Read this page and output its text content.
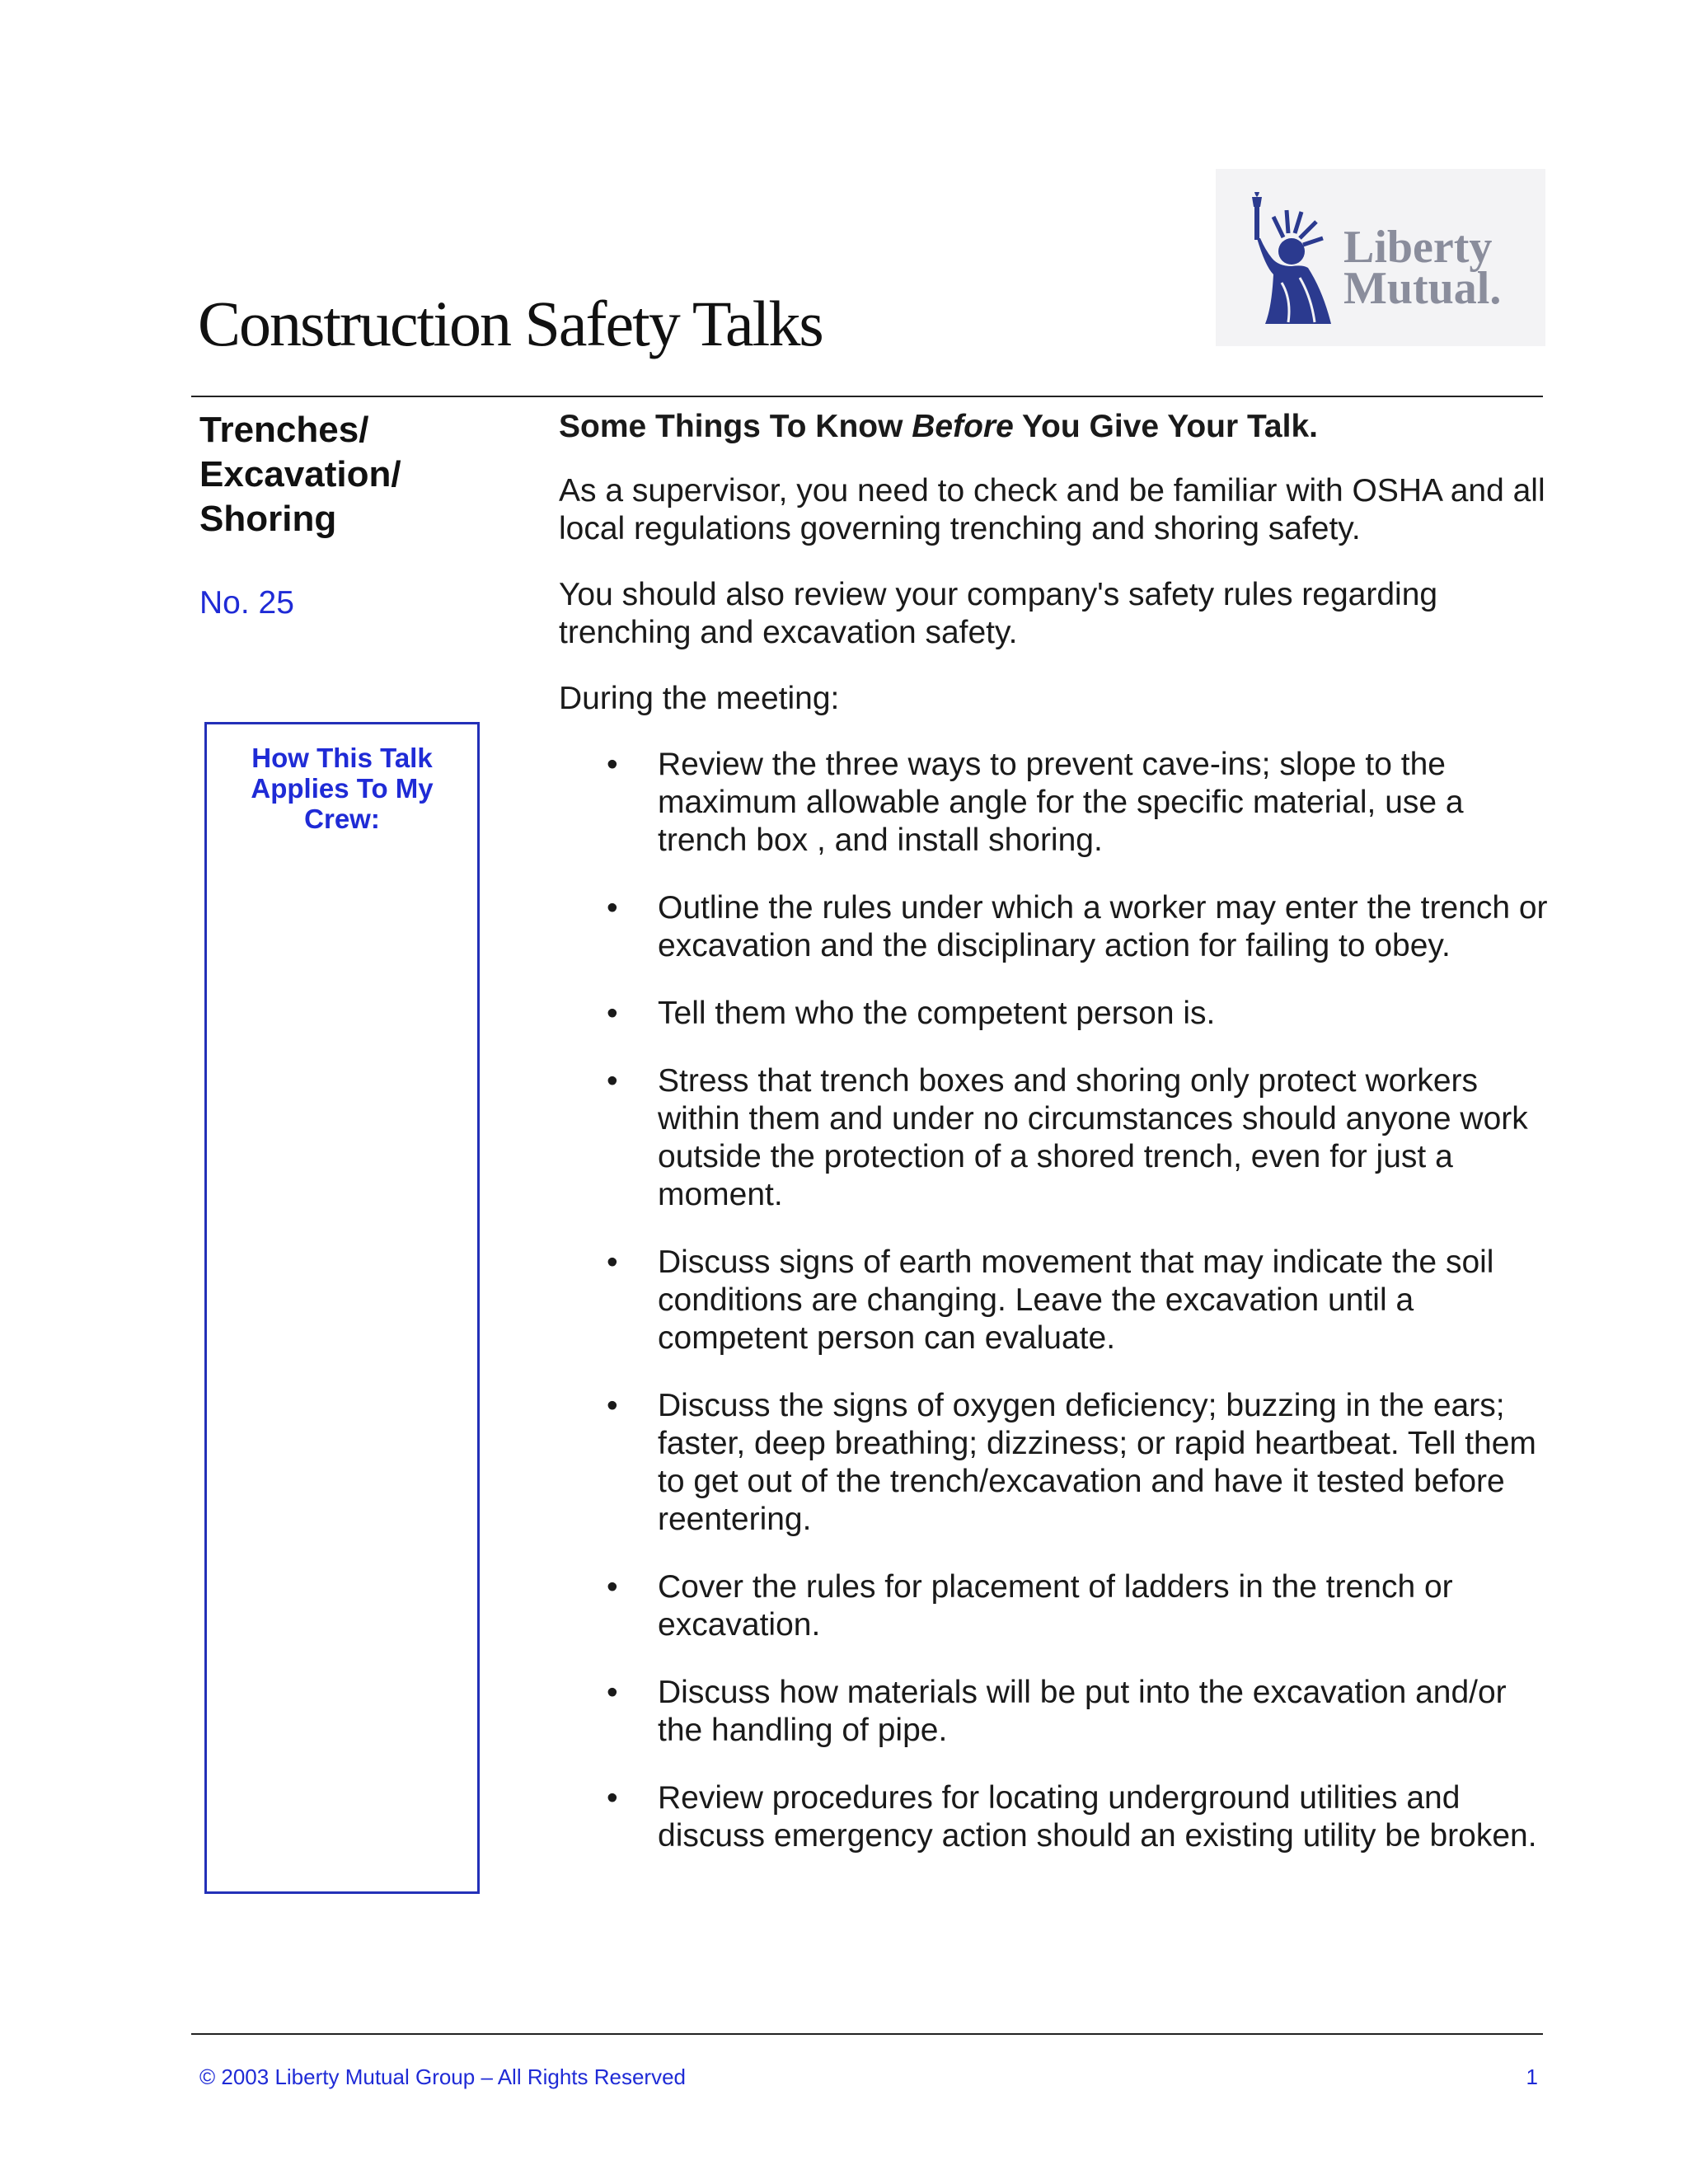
Liberty
Mutual.
Construction Safety Talks
Trenches/
Excavation/
Shoring
No. 25
How This Talk Applies To My Crew:
Some Things To Know Before You Give Your Talk.

As a supervisor, you need to check and be familiar with OSHA and all local regulations governing trenching and shoring safety.

You should also review your company's safety rules regarding trenching and excavation safety.

During the meeting:

• Review the three ways to prevent cave-ins; slope to the maximum allowable angle for the specific material, use a trench box , and install shoring.
• Outline the rules under which a worker may enter the trench or excavation and the disciplinary action for failing to obey.
• Tell them who the competent person is.
• Stress that trench boxes and shoring only protect workers within them and under no circumstances should anyone work outside the protection of a shored trench, even for just a moment.
• Discuss signs of earth movement that may indicate the soil conditions are changing. Leave the excavation until a competent person can evaluate.
• Discuss the signs of oxygen deficiency; buzzing in the ears; faster, deep breathing; dizziness; or rapid heartbeat. Tell them to get out of the trench/excavation and have it tested before reentering.
• Cover the rules for placement of ladders in the trench or excavation.
• Discuss how materials will be put into the excavation and/or the handling of pipe.
• Review procedures for locating underground utilities and discuss emergency action should an existing utility be broken.
© 2003 Liberty Mutual Group – All Rights Reserved	1
